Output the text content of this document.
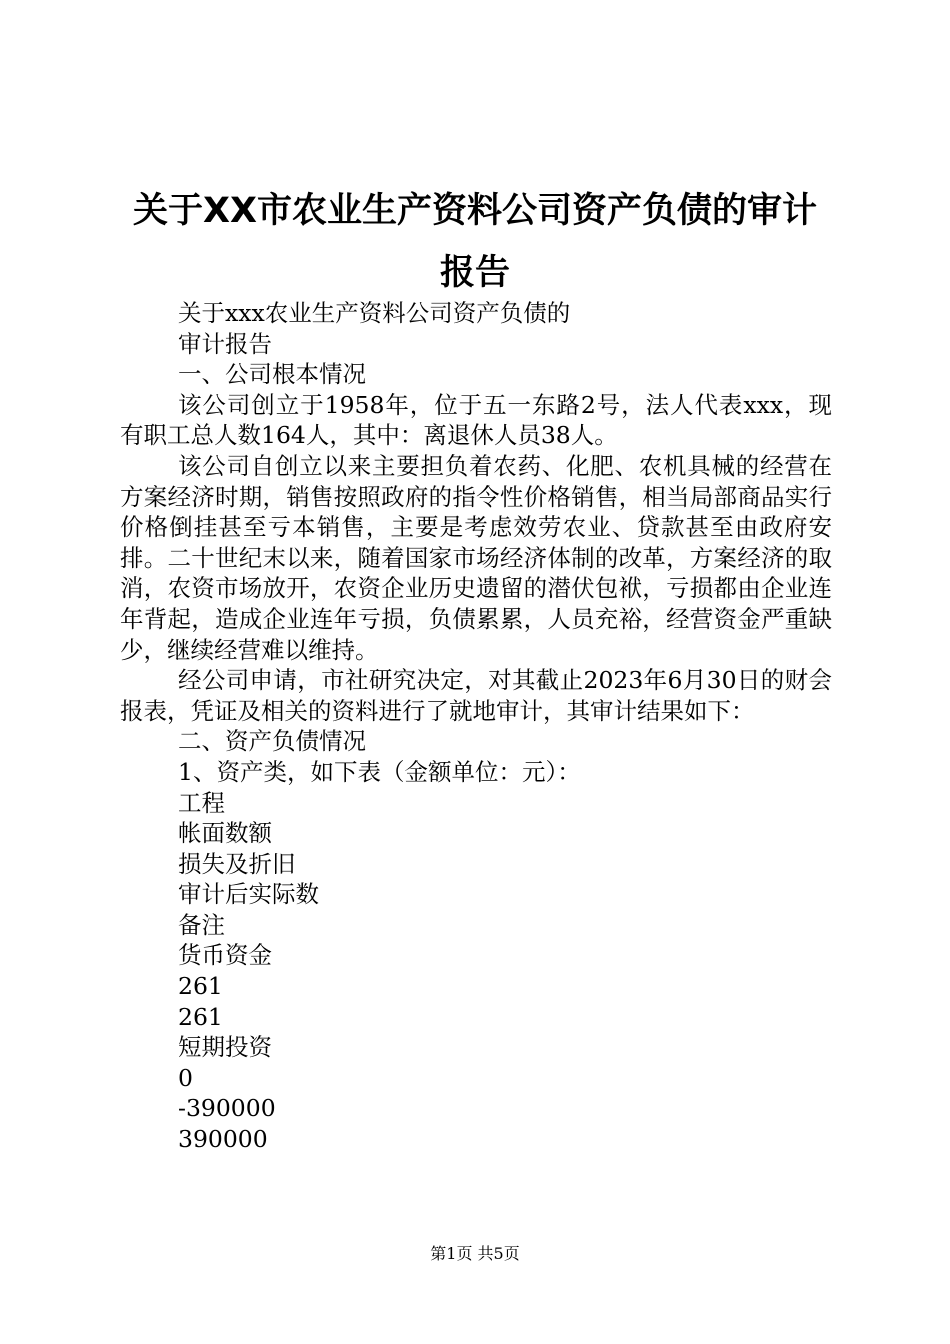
关于XX市农业生产资料公司资产负债的审计报告

关于xxx农业生产资料公司资产负债的

审计报告

一、公司根本情况

该公司创立于1958年，位于五一东路2号，法人代表xxx，现有职工总人数164人，其中：离退休人员38人。

该公司自创立以来主要担负着农药、化肥、农机具械的经营在方案经济时期，销售按照政府的指令性价格销售，相当局部商品实行价格倒挂甚至亏本销售，主要是考虑效劳农业、贷款甚至由政府安排。二十世纪末以来，随着国家市场经济体制的改革，方案经济的取消，农资市场放开，农资企业历史遗留的潜伏包袱，亏损都由企业连年背起，造成企业连年亏损，负债累累，人员充裕，经营资金严重缺少，继续经营难以维持。

经公司申请，市社研究决定，对其截止2023年6月30日的财会报表，凭证及相关的资料进行了就地审计，其审计结果如下：

二、资产负债情况

1、资产类，如下表（金额单位：元）：

工程

帐面数额

损失及折旧

审计后实际数

备注

货币资金

261

261

短期投资

0

-390000

390000

第1页 共5页
